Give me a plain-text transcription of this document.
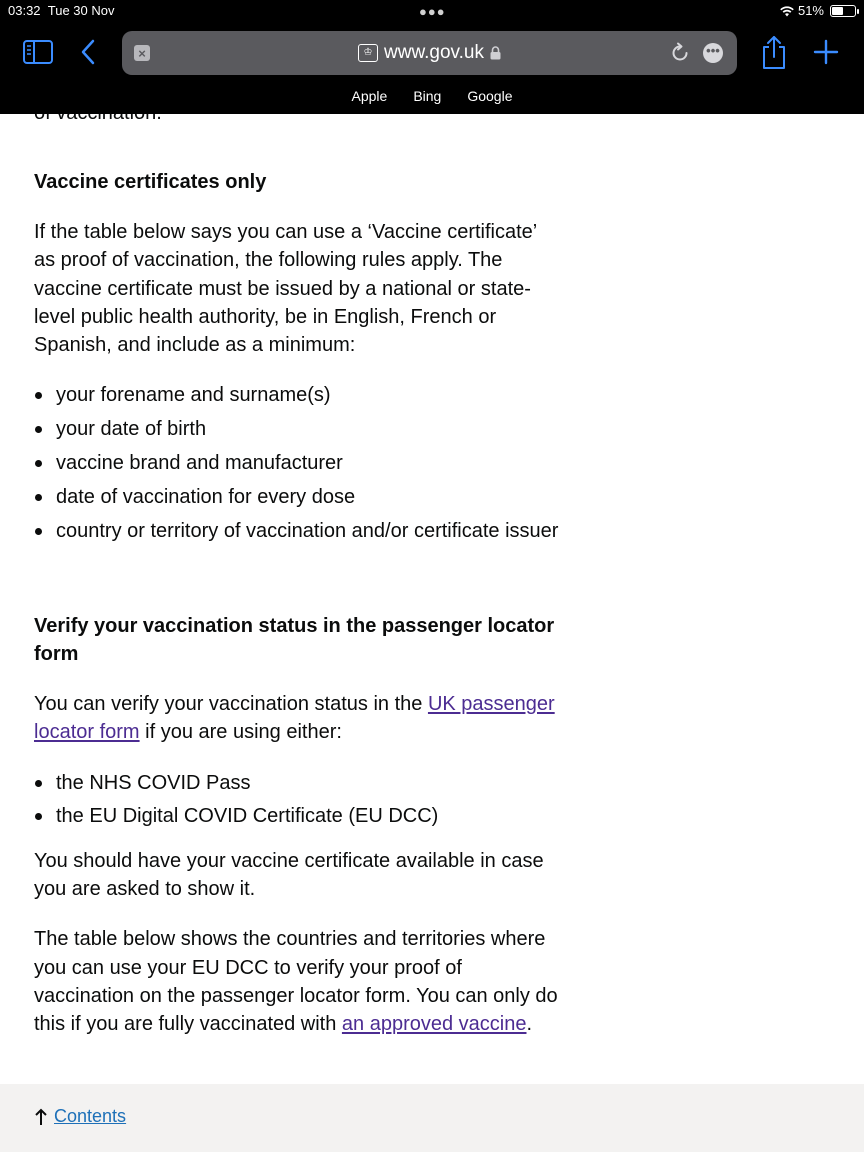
03:32 Tue 30 Nov	●●●	51%
×	♔ www.gov.uk	•••
Apple Bing Google
Vaccine certificates only

If the table below says you can use a ‘Vaccine certificate’ as proof of vaccination, the following rules apply. The vaccine certificate must be issued by a national or state-level public health authority, be in English, French or Spanish, and include as a minimum:

your forename and surname(s)
your date of birth
vaccine brand and manufacturer
date of vaccination for every dose
country or territory of vaccination and/or certificate issuer
Verify your vaccination status in the passenger locator form

You can verify your vaccination status in the UK passenger locator form if you are using either:

the NHS COVID Pass
the EU Digital COVID Certificate (EU DCC)

You should have your vaccine certificate available in case you are asked to show it.

The table below shows the countries and territories where you can use your EU DCC to verify your proof of vaccination on the passenger locator form. You can only do this if you are fully vaccinated with an approved vaccine.

Contents
